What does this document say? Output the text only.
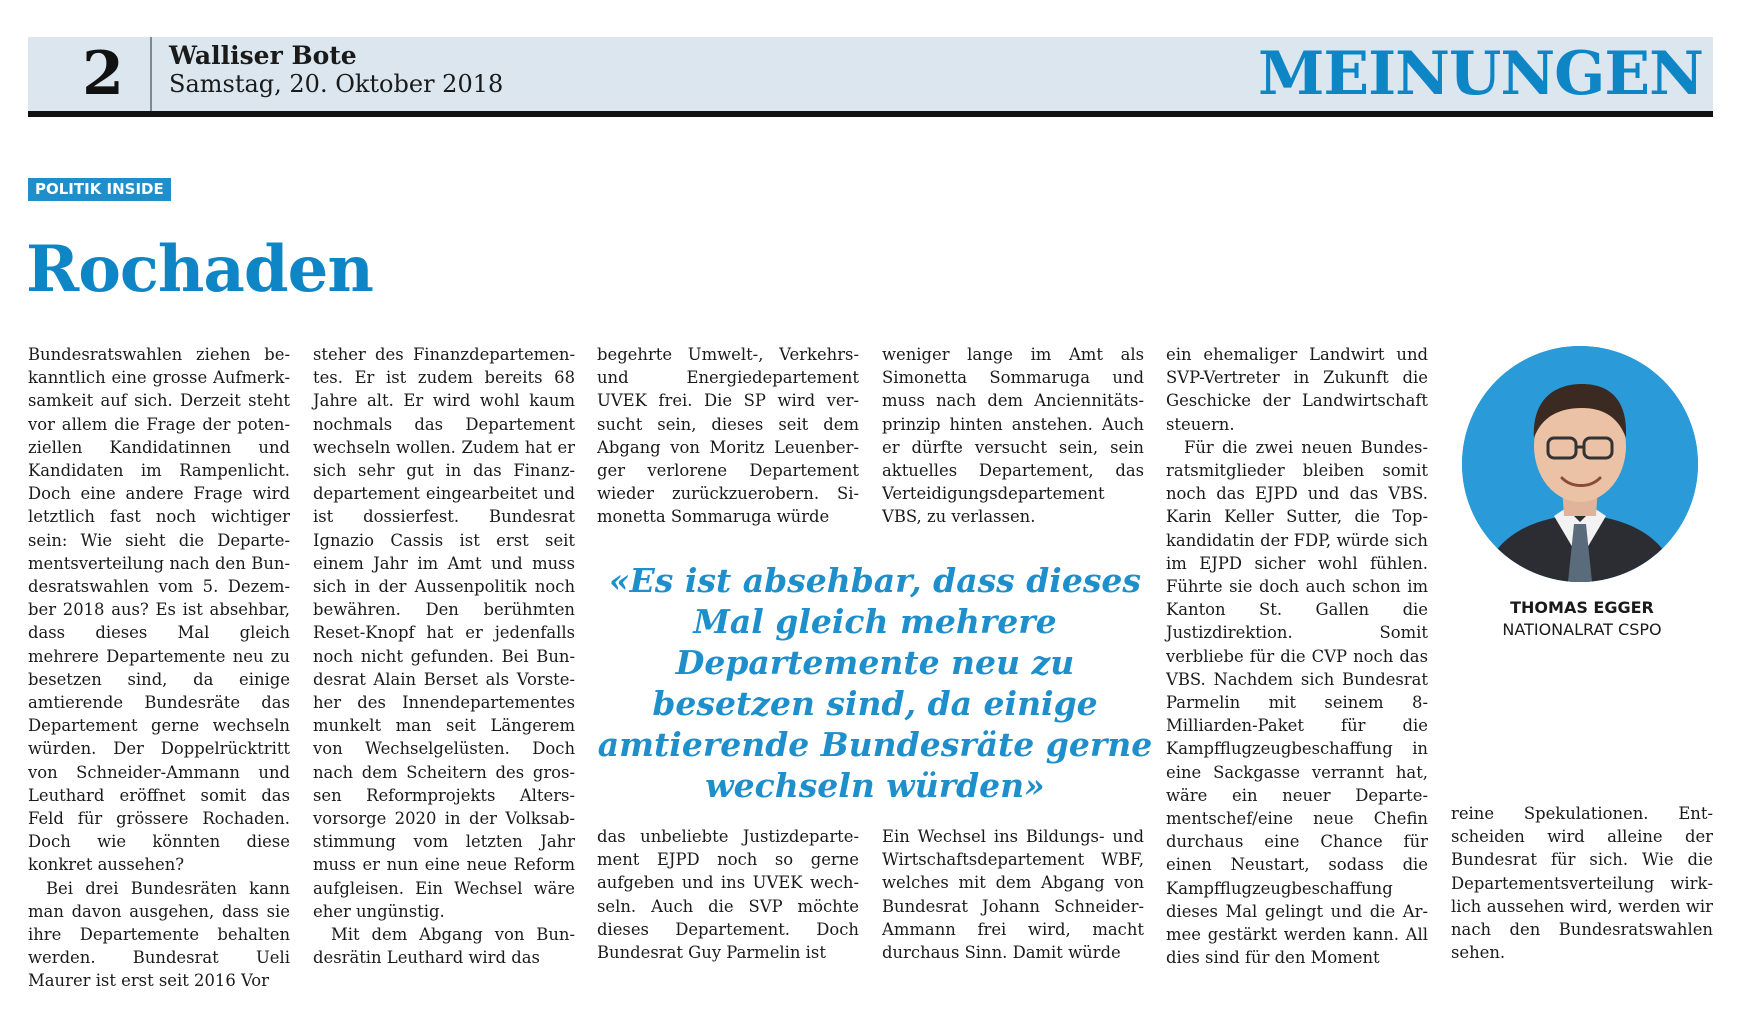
2	Walliser Bote
Samstag, 20. Oktober 2018	MEINUNGEN
POLITIK INSIDE
Rochaden

Bundesratswahlen ziehen bekanntlich eine grosse Aufmerksamkeit auf sich. Derzeit steht vor allem die Frage der potenziellen Kandidatinnen und Kandidaten im Rampenlicht. Doch eine andere Frage wird letztlich fast noch wichtiger sein: Wie sieht die Departementsverteilung nach den Bundesratswahlen vom 5. Dezember 2018 aus? Es ist absehbar, dass dieses Mal gleich mehrere Departemente neu zu besetzen sind, da einige amtierende Bundesräte das Departement gerne wechseln würden. Der Doppelrücktritt von Schneider-Ammann und Leuthard eröffnet somit das Feld für grössere Rochaden. Doch wie könnten diese konkret aussehen?

Bei drei Bundesräten kann man davon ausgehen, dass sie ihre Departemente behalten werden. Bundesrat Ueli Maurer ist erst seit 2016 Vor

steher des Finanzdepartementes. Er ist zudem bereits 68 Jahre alt. Er wird wohl kaum nochmals das Departement wechseln wollen. Zudem hat er sich sehr gut in das Finanzdepartement eingearbeitet und ist dossierfest. Bundesrat Ignazio Cassis ist erst seit einem Jahr im Amt und muss sich in der Aussenpolitik noch bewähren. Den berühmten Reset-Knopf hat er jedenfalls noch nicht gefunden. Bei Bundesrat Alain Berset als Vorsteher des Innendepartementes munkelt man seit Längerem von Wechselgelüsten. Doch nach dem Scheitern des grossen Reformprojekts Altersvorsorge 2020 in der Volksabstimmung vom letzten Jahr muss er nun eine neue Reform aufgleisen. Ein Wechsel wäre eher ungünstig.

Mit dem Abgang von Bundesrätin Leuthard wird das

begehrte Umwelt-, Verkehrs- und Energiedepartement UVEK frei. Die SP wird versucht sein, dieses seit dem Abgang von Moritz Leuenberger verlorene Departement wieder zurückzuerobern. Simonetta Sommaruga würde

weniger lange im Amt als Simonetta Sommaruga und muss nach dem Anciennitätsprinzip hinten anstehen. Auch er dürfte versucht sein, sein aktuelles Departement, das Verteidigungsdepartement VBS, zu verlassen.

ein ehemaliger Landwirt und SVP-Vertreter in Zukunft die Geschicke der Landwirtschaft steuern.

Für die zwei neuen Bundesratsmitglieder bleiben somit noch das EJPD und das VBS. Karin Keller Sutter, die Topkandidatin der FDP, würde sich im EJPD sicher wohl fühlen. Führte sie doch auch schon im Kanton St. Gallen die Justizdirektion. Somit verbliebe für die CVP noch das VBS. Nachdem sich Bundesrat Parmelin mit seinem 8-Milliarden-Paket für die Kampfflugzeugbeschaffung in eine Sackgasse verrannt hat, wäre ein neuer Departementschef/eine neue Chefin durchaus eine Chance für einen Neustart, sodass die Kampfflugzeugbeschaffung dieses Mal gelingt und die Armee gestärkt werden kann. All dies sind für den Moment

«Es ist absehbar, dass dieses Mal gleich mehrere Departemente neu zu besetzen sind, da einige amtierende Bundesräte gerne wechseln würden»

das unbeliebte Justizdepartement EJPD noch so gerne aufgeben und ins UVEK wechseln. Auch die SVP möchte dieses Departement. Doch Bundesrat Guy Parmelin ist

Ein Wechsel ins Bildungs- und Wirtschaftsdepartement WBF, welches mit dem Abgang von Bundesrat Johann Schneider-Ammann frei wird, macht durchaus Sinn. Damit würde

reine Spekulationen. Entscheiden wird alleine der Bundesrat für sich. Wie die Departementsverteilung wirklich aussehen wird, werden wir nach den Bundesratswahlen sehen.

THOMAS EGGER
NATIONALRAT CSPO
